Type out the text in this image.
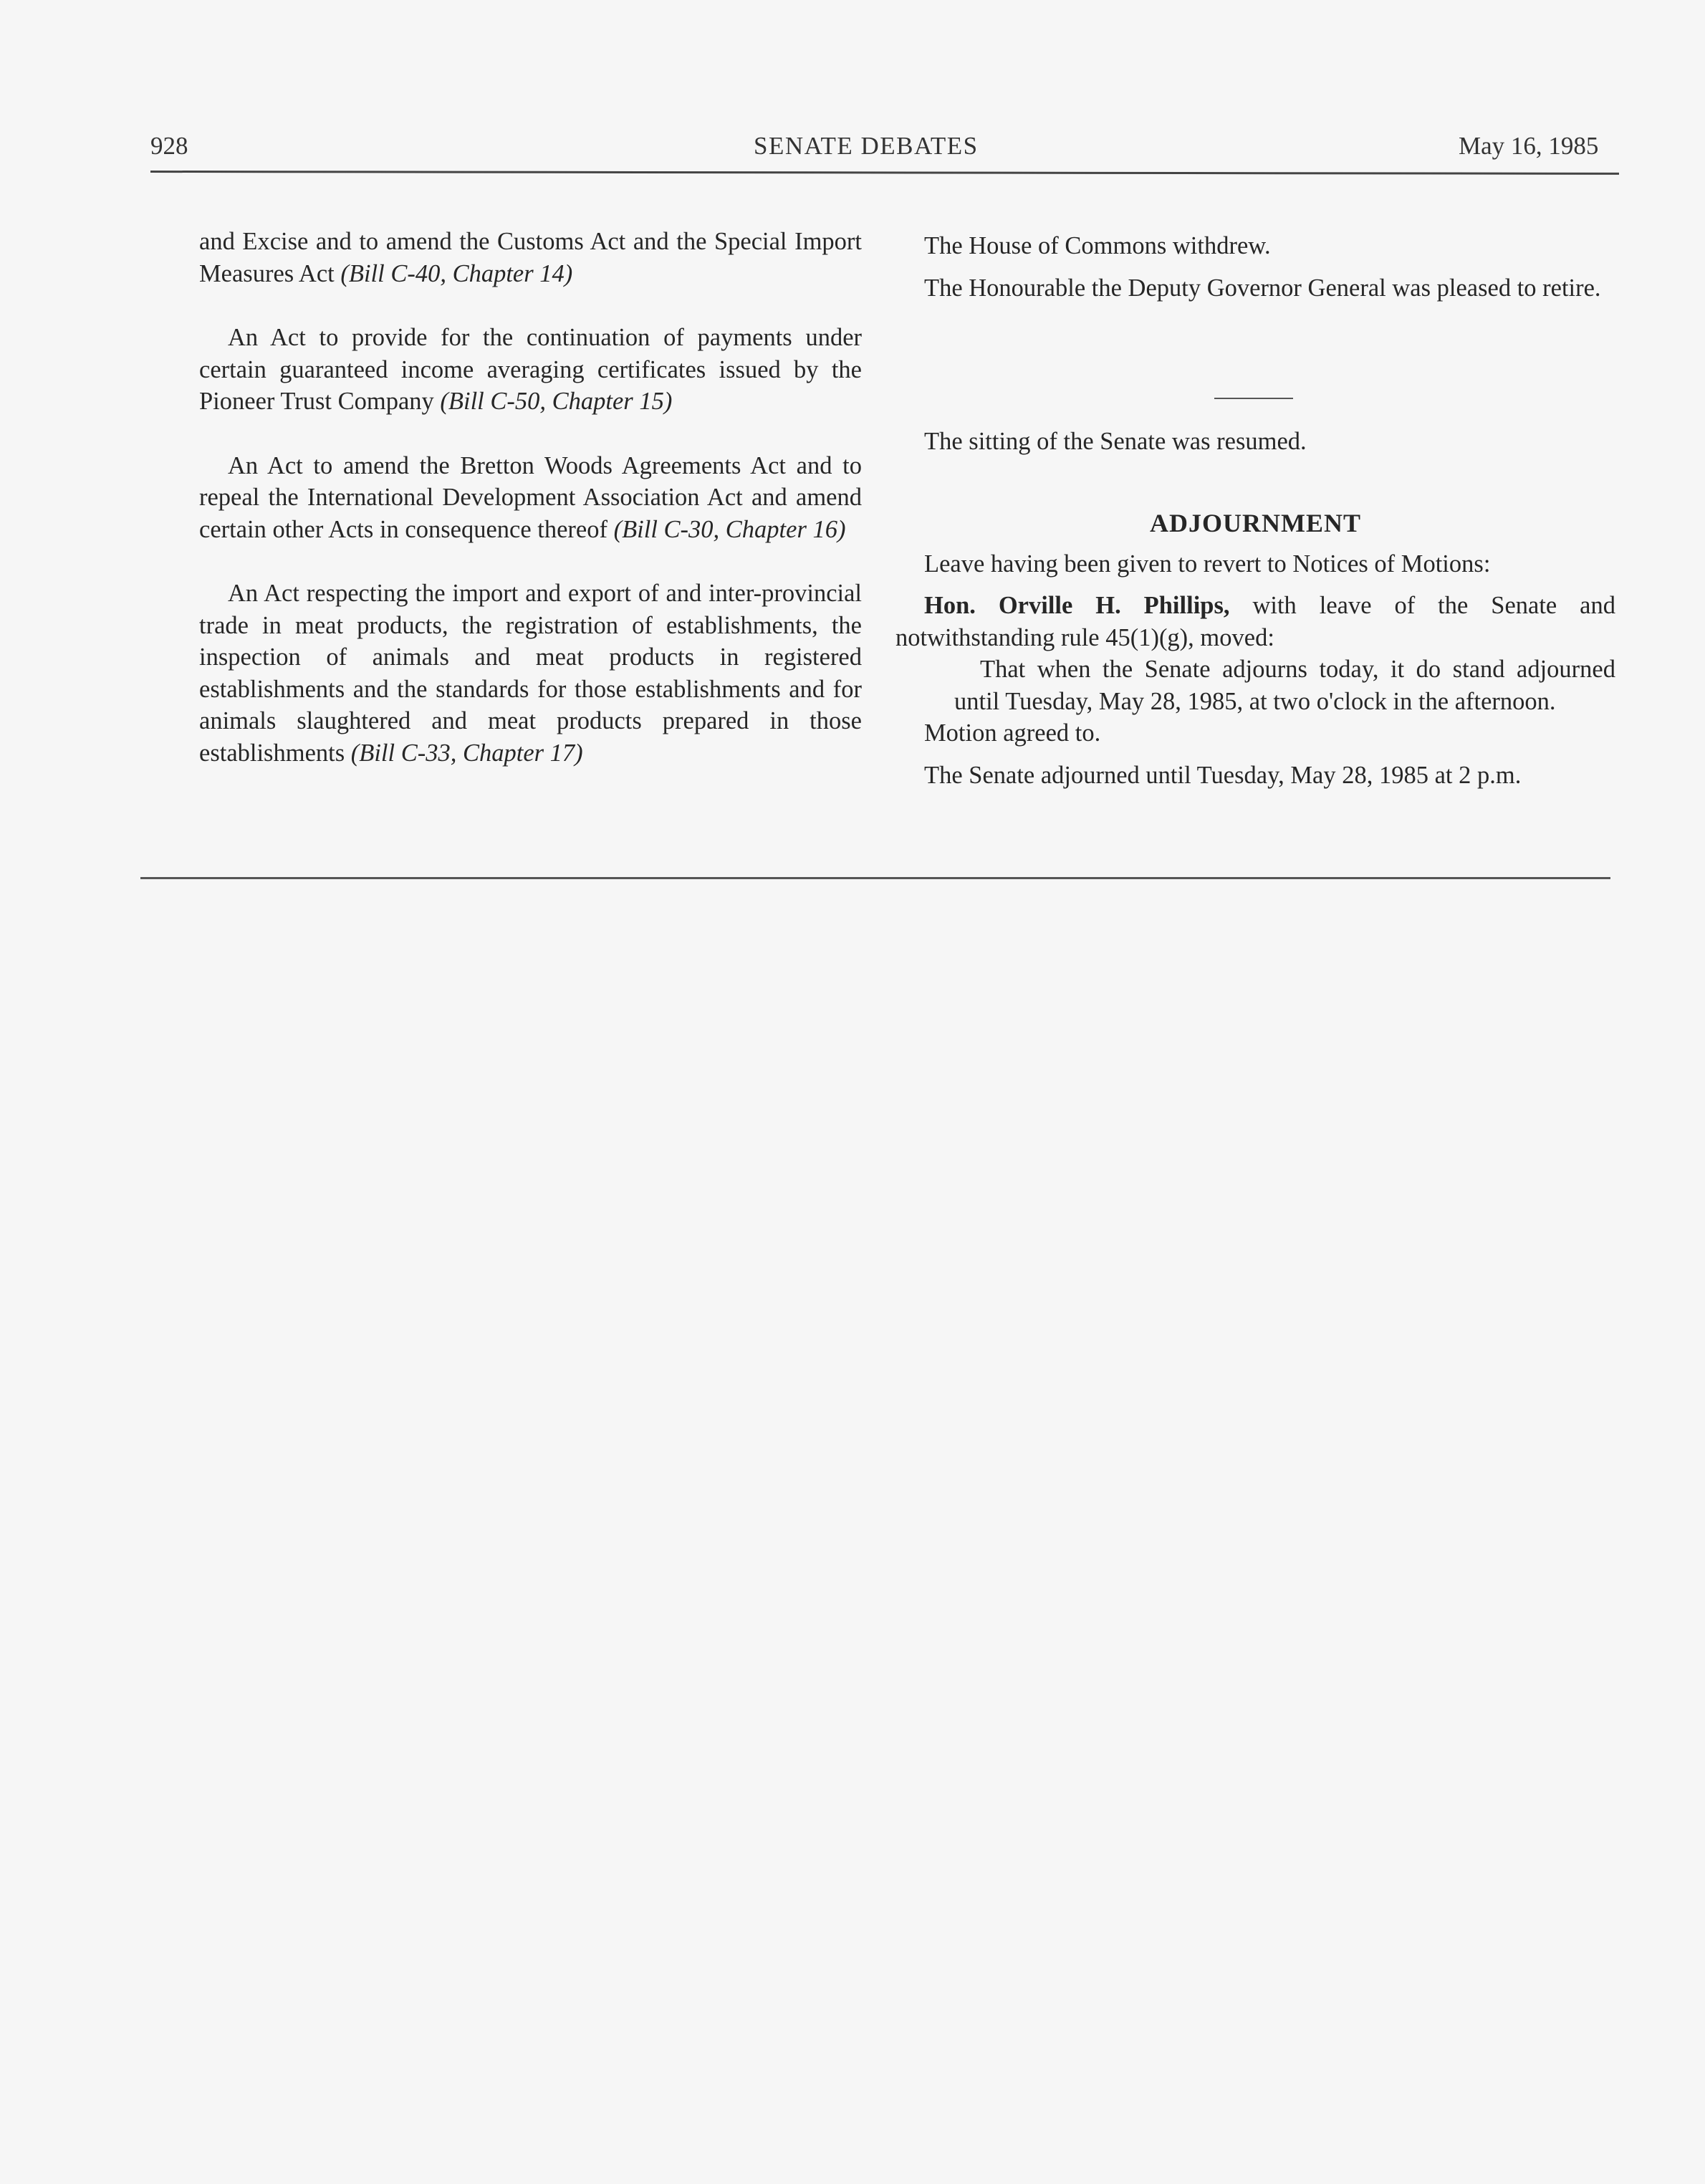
928	SENATE DEBATES	May 16, 1985

and Excise and to amend the Customs Act and the Special Import Measures Act (Bill C-40, Chapter 14)

An Act to provide for the continuation of payments under certain guaranteed income averaging certificates issued by the Pioneer Trust Company (Bill C-50, Chapter 15)

An Act to amend the Bretton Woods Agreements Act and to repeal the International Development Association Act and amend certain other Acts in consequence thereof (Bill C-30, Chapter 16)

An Act respecting the import and export of and inter-provincial trade in meat products, the registration of establishments, the inspection of animals and meat products in registered establishments and the standards for those establishments and for animals slaughtered and meat products prepared in those establishments (Bill C-33, Chapter 17)

The House of Commons withdrew.

The Honourable the Deputy Governor General was pleased to retire.

The sitting of the Senate was resumed.

ADJOURNMENT

Leave having been given to revert to Notices of Motions:

Hon. Orville H. Phillips, with leave of the Senate and notwithstanding rule 45(1)(g), moved:

That when the Senate adjourns today, it do stand adjourned until Tuesday, May 28, 1985, at two o'clock in the afternoon.

Motion agreed to.

The Senate adjourned until Tuesday, May 28, 1985 at 2 p.m.
